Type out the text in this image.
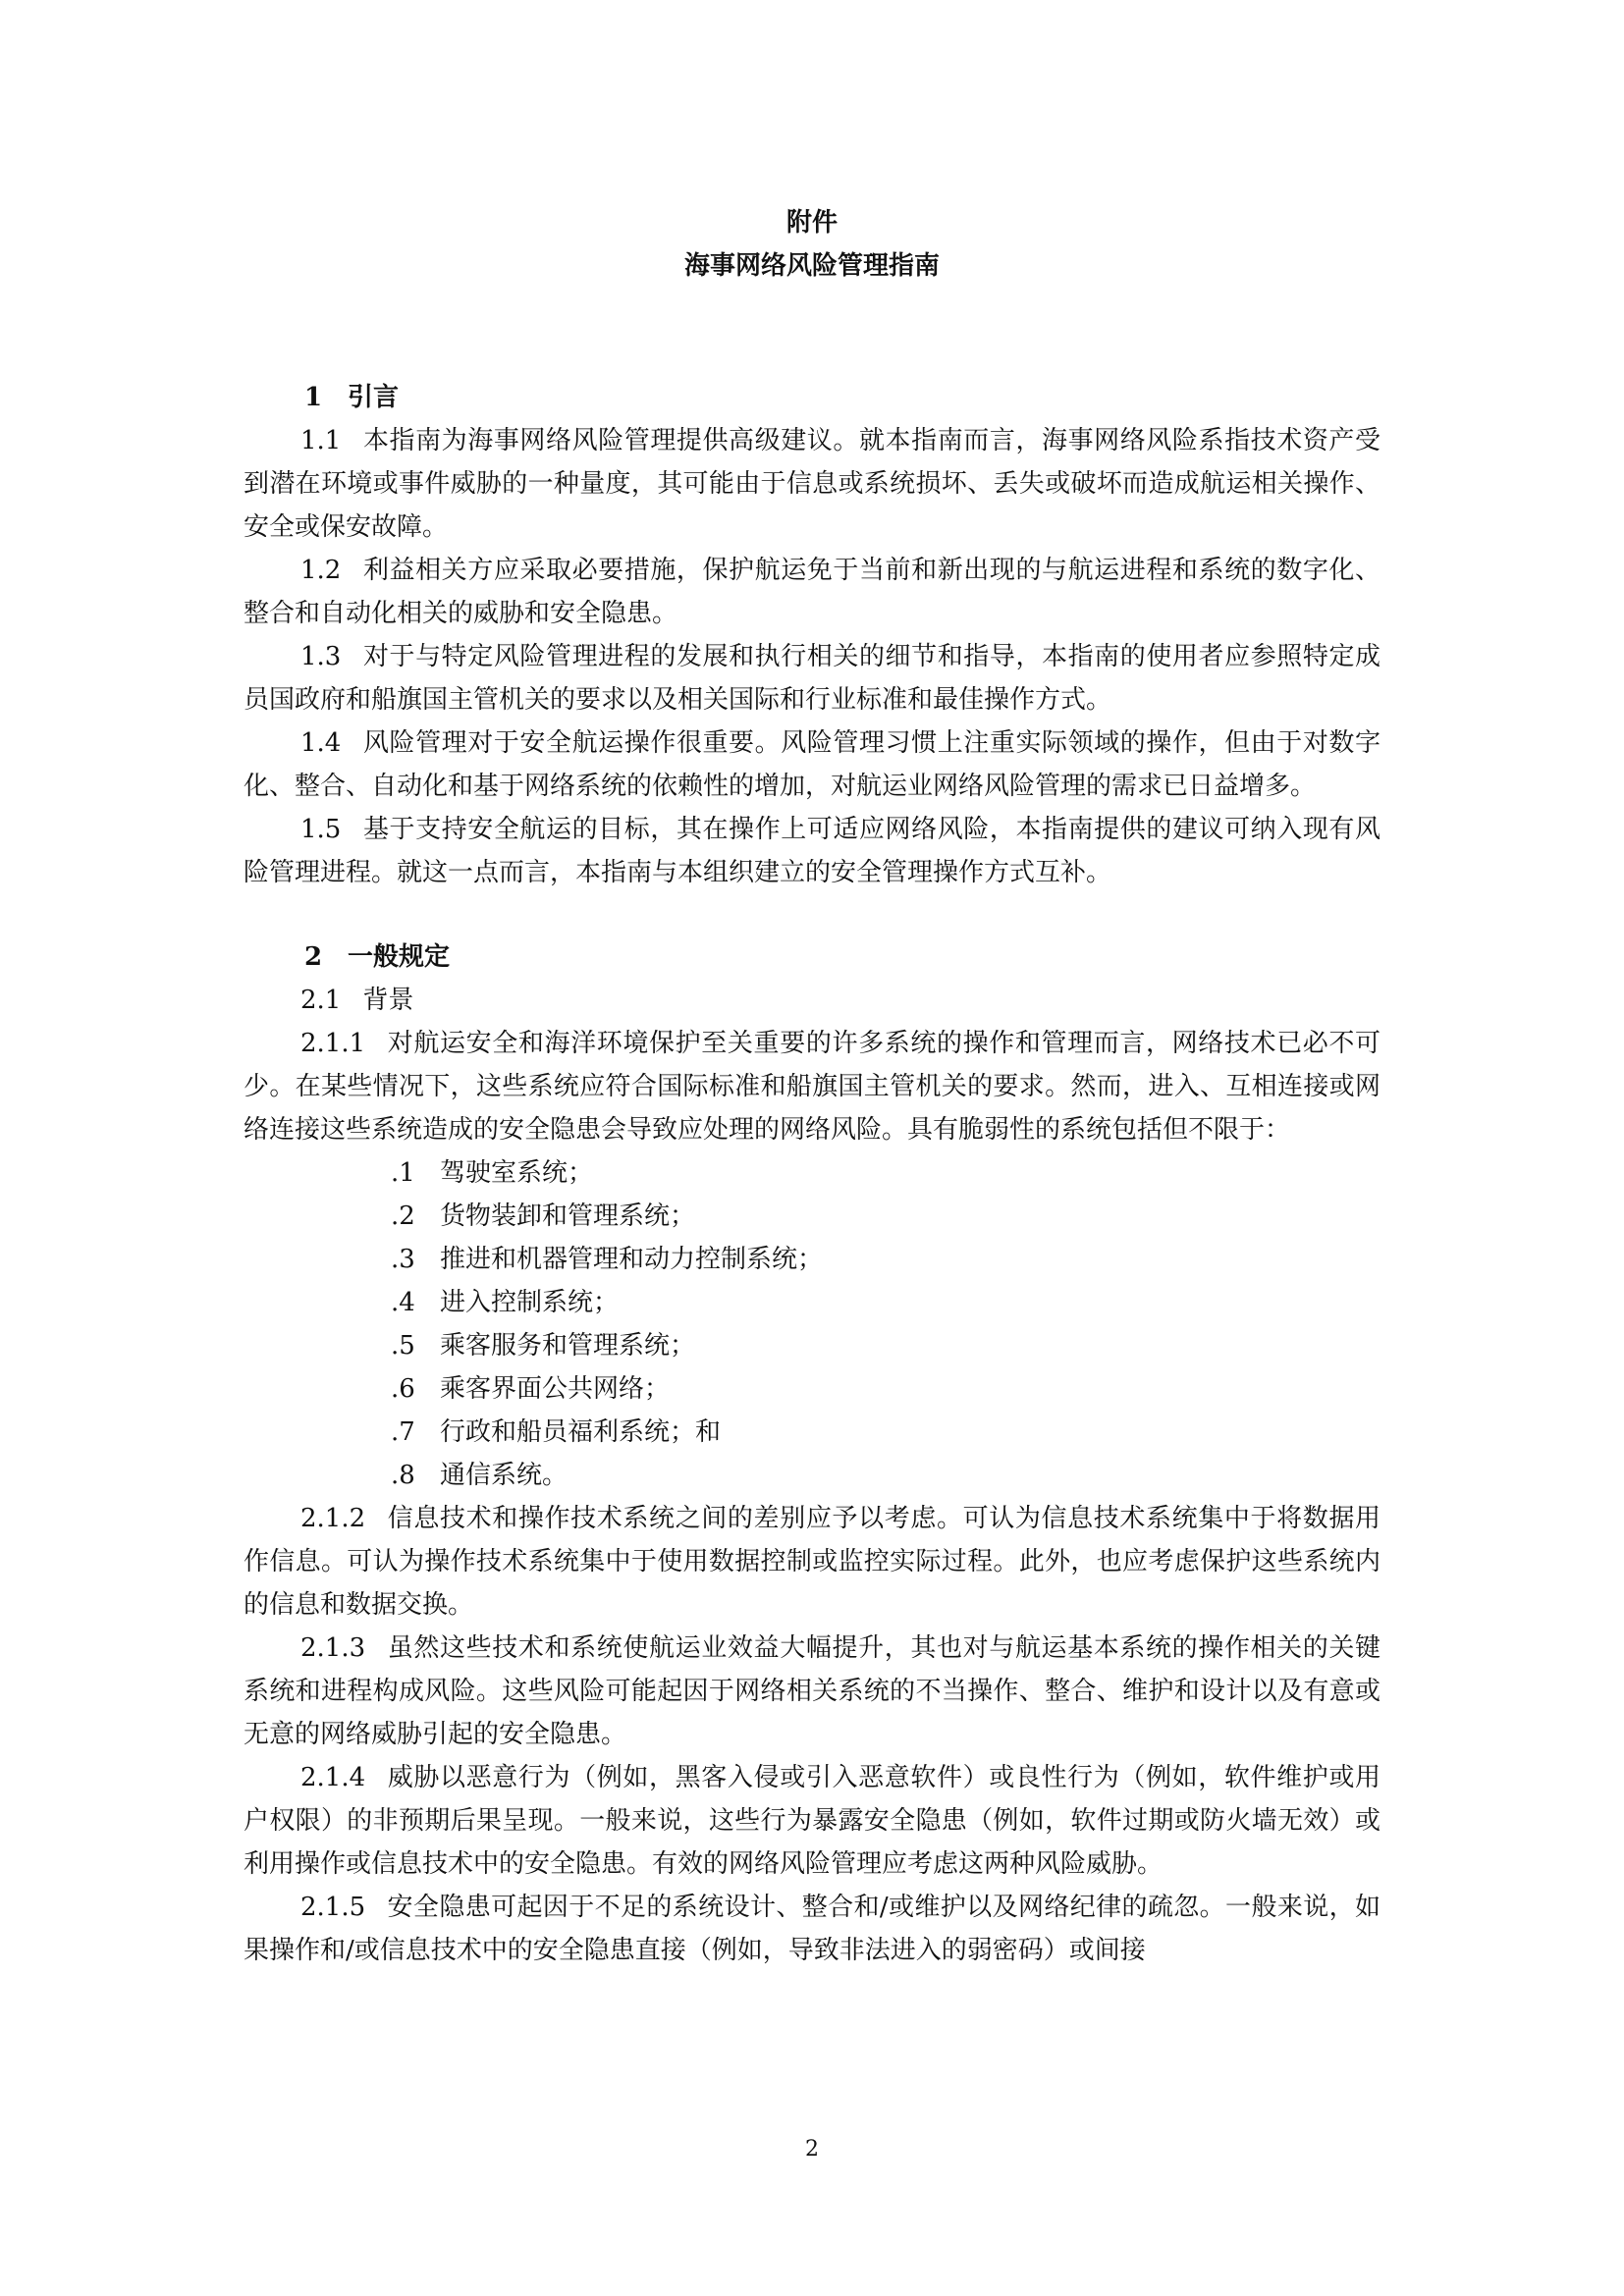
附件
海事网络风险管理指南
1 引言

1.1 本指南为海事网络风险管理提供高级建议。就本指南而言，海事网络风险系指技术资产受到潜在环境或事件威胁的一种量度，其可能由于信息或系统损坏、丢失或破坏而造成航运相关操作、安全或保安故障。

1.2 利益相关方应采取必要措施，保护航运免于当前和新出现的与航运进程和系统的数字化、整合和自动化相关的威胁和安全隐患。

1.3 对于与特定风险管理进程的发展和执行相关的细节和指导，本指南的使用者应参照特定成员国政府和船旗国主管机关的要求以及相关国际和行业标准和最佳操作方式。

1.4 风险管理对于安全航运操作很重要。风险管理习惯上注重实际领域的操作，但由于对数字化、整合、自动化和基于网络系统的依赖性的增加，对航运业网络风险管理的需求已日益增多。

1.5 基于支持安全航运的目标，其在操作上可适应网络风险，本指南提供的建议可纳入现有风险管理进程。就这一点而言，本指南与本组织建立的安全管理操作方式互补。

2 一般规定
2.1 背景

2.1.1 对航运安全和海洋环境保护至关重要的许多系统的操作和管理而言，网络技术已必不可少。在某些情况下，这些系统应符合国际标准和船旗国主管机关的要求。然而，进入、互相连接或网络连接这些系统造成的安全隐患会导致应处理的网络风险。具有脆弱性的系统包括但不限于：

.1 驾驶室系统；
.2 货物装卸和管理系统；
.3 推进和机器管理和动力控制系统；
.4 进入控制系统；
.5 乘客服务和管理系统；
.6 乘客界面公共网络；
.7 行政和船员福利系统；和
.8 通信系统。

2.1.2 信息技术和操作技术系统之间的差别应予以考虑。可认为信息技术系统集中于将数据用作信息。可认为操作技术系统集中于使用数据控制或监控实际过程。此外，也应考虑保护这些系统内的信息和数据交换。

2.1.3 虽然这些技术和系统使航运业效益大幅提升，其也对与航运基本系统的操作相关的关键系统和进程构成风险。这些风险可能起因于网络相关系统的不当操作、整合、维护和设计以及有意或无意的网络威胁引起的安全隐患。

2.1.4 威胁以恶意行为（例如，黑客入侵或引入恶意软件）或良性行为（例如，软件维护或用户权限）的非预期后果呈现。一般来说，这些行为暴露安全隐患（例如，软件过期或防火墙无效）或利用操作或信息技术中的安全隐患。有效的网络风险管理应考虑这两种风险威胁。

2.1.5 安全隐患可起因于不足的系统设计、整合和/或维护以及网络纪律的疏忽。一般来说，如果操作和/或信息技术中的安全隐患直接（例如，导致非法进入的弱密码）或间接

2
